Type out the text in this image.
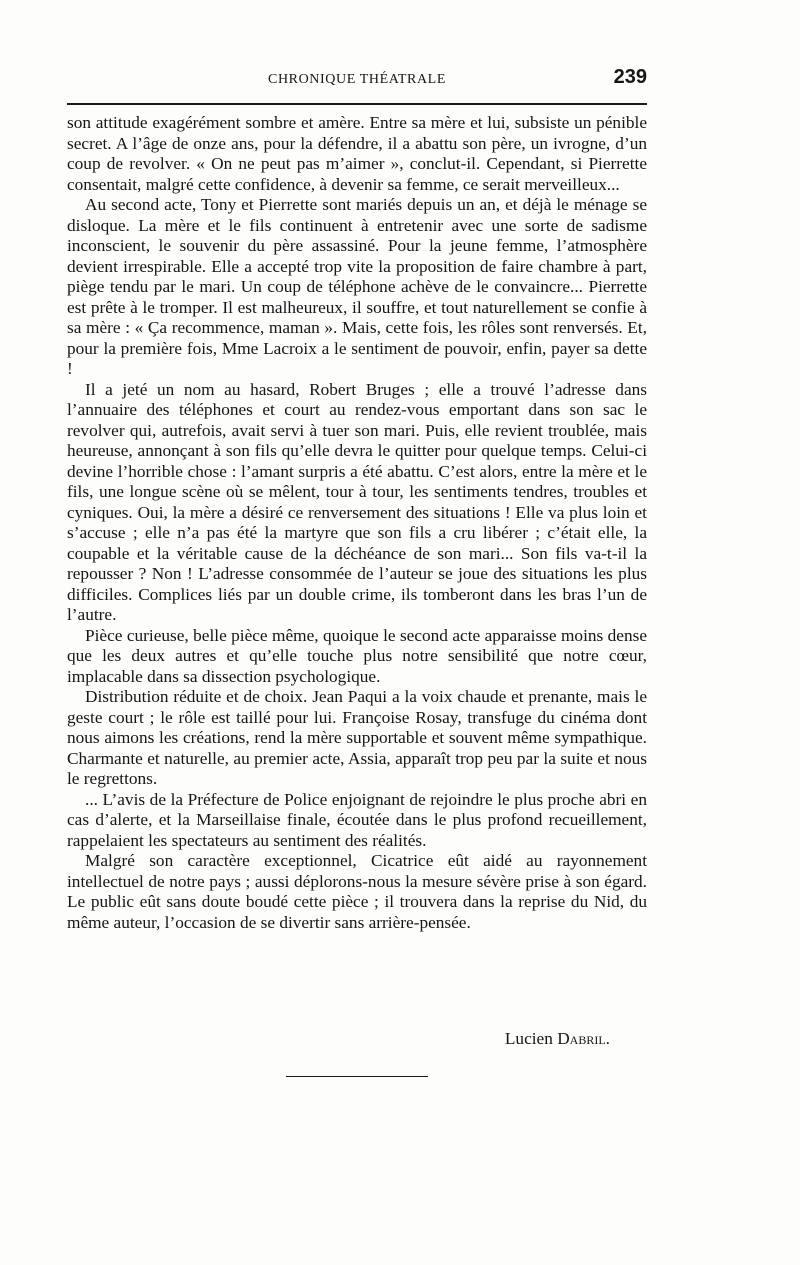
CHRONIQUE THÉATRALE	239

son attitude exagérément sombre et amère. Entre sa mère et lui, subsiste un pénible secret. A l’âge de onze ans, pour la défendre, il a abattu son père, un ivrogne, d’un coup de revolver. « On ne peut pas m’aimer », conclut-il. Cependant, si Pierrette consentait, malgré cette confidence, à devenir sa femme, ce serait merveilleux...

Au second acte, Tony et Pierrette sont mariés depuis un an, et déjà le ménage se disloque. La mère et le fils continuent à entretenir avec une sorte de sadisme inconscient, le souvenir du père assassiné. Pour la jeune femme, l’atmosphère devient irrespirable. Elle a accepté trop vite la proposition de faire chambre à part, piège tendu par le mari. Un coup de téléphone achève de le convaincre... Pierrette est prête à le tromper. Il est malheureux, il souffre, et tout naturellement se confie à sa mère : « Ça recommence, maman ». Mais, cette fois, les rôles sont renversés. Et, pour la première fois, Mme Lacroix a le sentiment de pouvoir, enfin, payer sa dette !

Il a jeté un nom au hasard, Robert Bruges ; elle a trouvé l’adresse dans l’annuaire des téléphones et court au rendez-vous emportant dans son sac le revolver qui, autrefois, avait servi à tuer son mari. Puis, elle revient troublée, mais heureuse, annonçant à son fils qu’elle devra le quitter pour quelque temps. Celui-ci devine l’horrible chose : l’amant surpris a été abattu. C’est alors, entre la mère et le fils, une longue scène où se mêlent, tour à tour, les sentiments tendres, troubles et cyniques. Oui, la mère a désiré ce renversement des situations ! Elle va plus loin et s’accuse ; elle n’a pas été la martyre que son fils a cru libérer ; c’était elle, la coupable et la véritable cause de la déchéance de son mari... Son fils va-t-il la repousser ? Non ! L’adresse consommée de l’auteur se joue des situations les plus difficiles. Complices liés par un double crime, ils tomberont dans les bras l’un de l’autre.

Pièce curieuse, belle pièce même, quoique le second acte apparaisse moins dense que les deux autres et qu’elle touche plus notre sensibilité que notre cœur, implacable dans sa dissection psychologique.

Distribution réduite et de choix. Jean Paqui a la voix chaude et prenante, mais le geste court ; le rôle est taillé pour lui. Françoise Rosay, transfuge du cinéma dont nous aimons les créations, rend la mère supportable et souvent même sympathique. Charmante et naturelle, au premier acte, Assia, apparaît trop peu par la suite et nous le regrettons.

... L’avis de la Préfecture de Police enjoignant de rejoindre le plus proche abri en cas d’alerte, et la Marseillaise finale, écoutée dans le plus profond recueillement, rappelaient les spectateurs au sentiment des réalités.

Malgré son caractère exceptionnel, Cicatrice eût aidé au rayonnement intellectuel de notre pays ; aussi déplorons-nous la mesure sévère prise à son égard. Le public eût sans doute boudé cette pièce ; il trouvera dans la reprise du Nid, du même auteur, l’occasion de se divertir sans arrière-pensée.

Lucien Dabril.
